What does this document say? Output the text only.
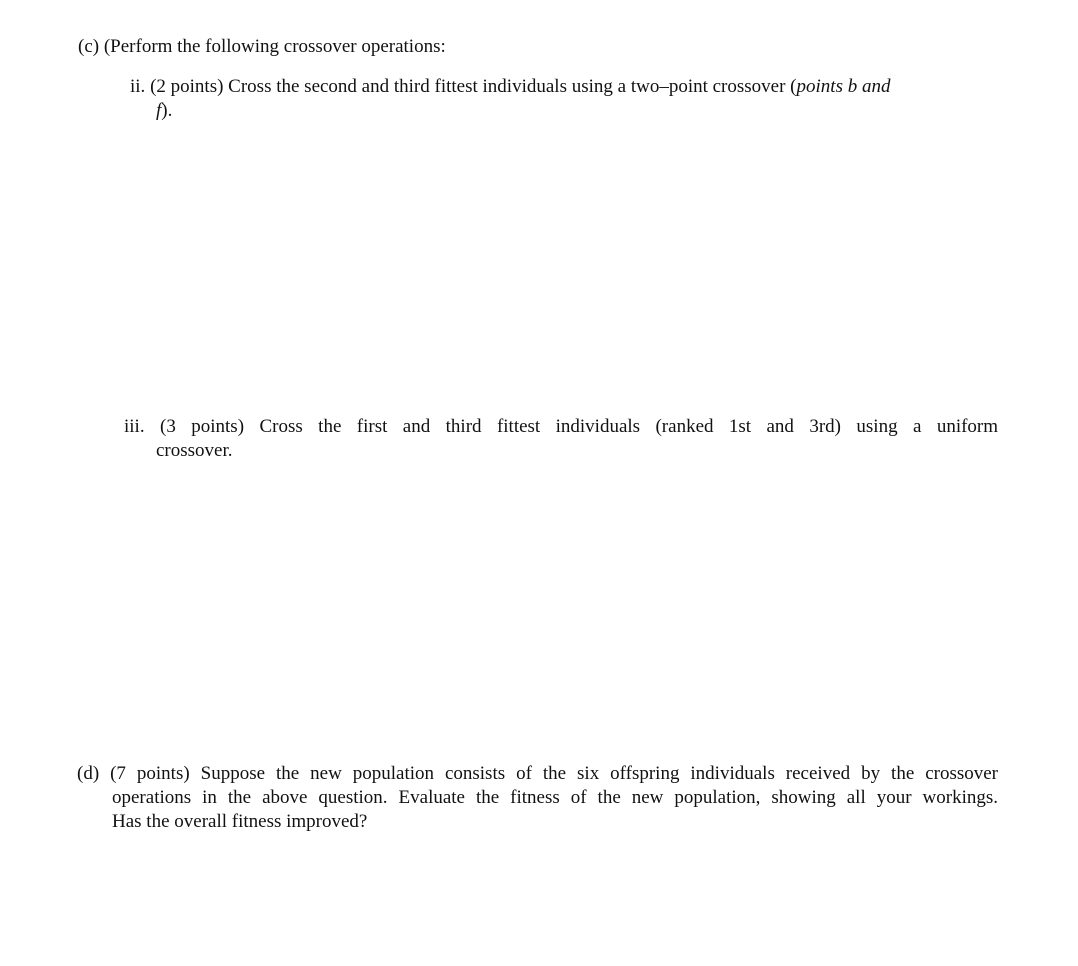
(c) (Perform the following crossover operations:
ii. (2 points) Cross the second and third fittest individuals using a two–point crossover (points b and
f).
iii. (3 points) Cross the first and third fittest individuals (ranked 1st and 3rd) using a uniform
crossover.
(d) (7 points) Suppose the new population consists of the six offspring individuals received by the crossover
operations in the above question. Evaluate the fitness of the new population, showing all your workings.
Has the overall fitness improved?
